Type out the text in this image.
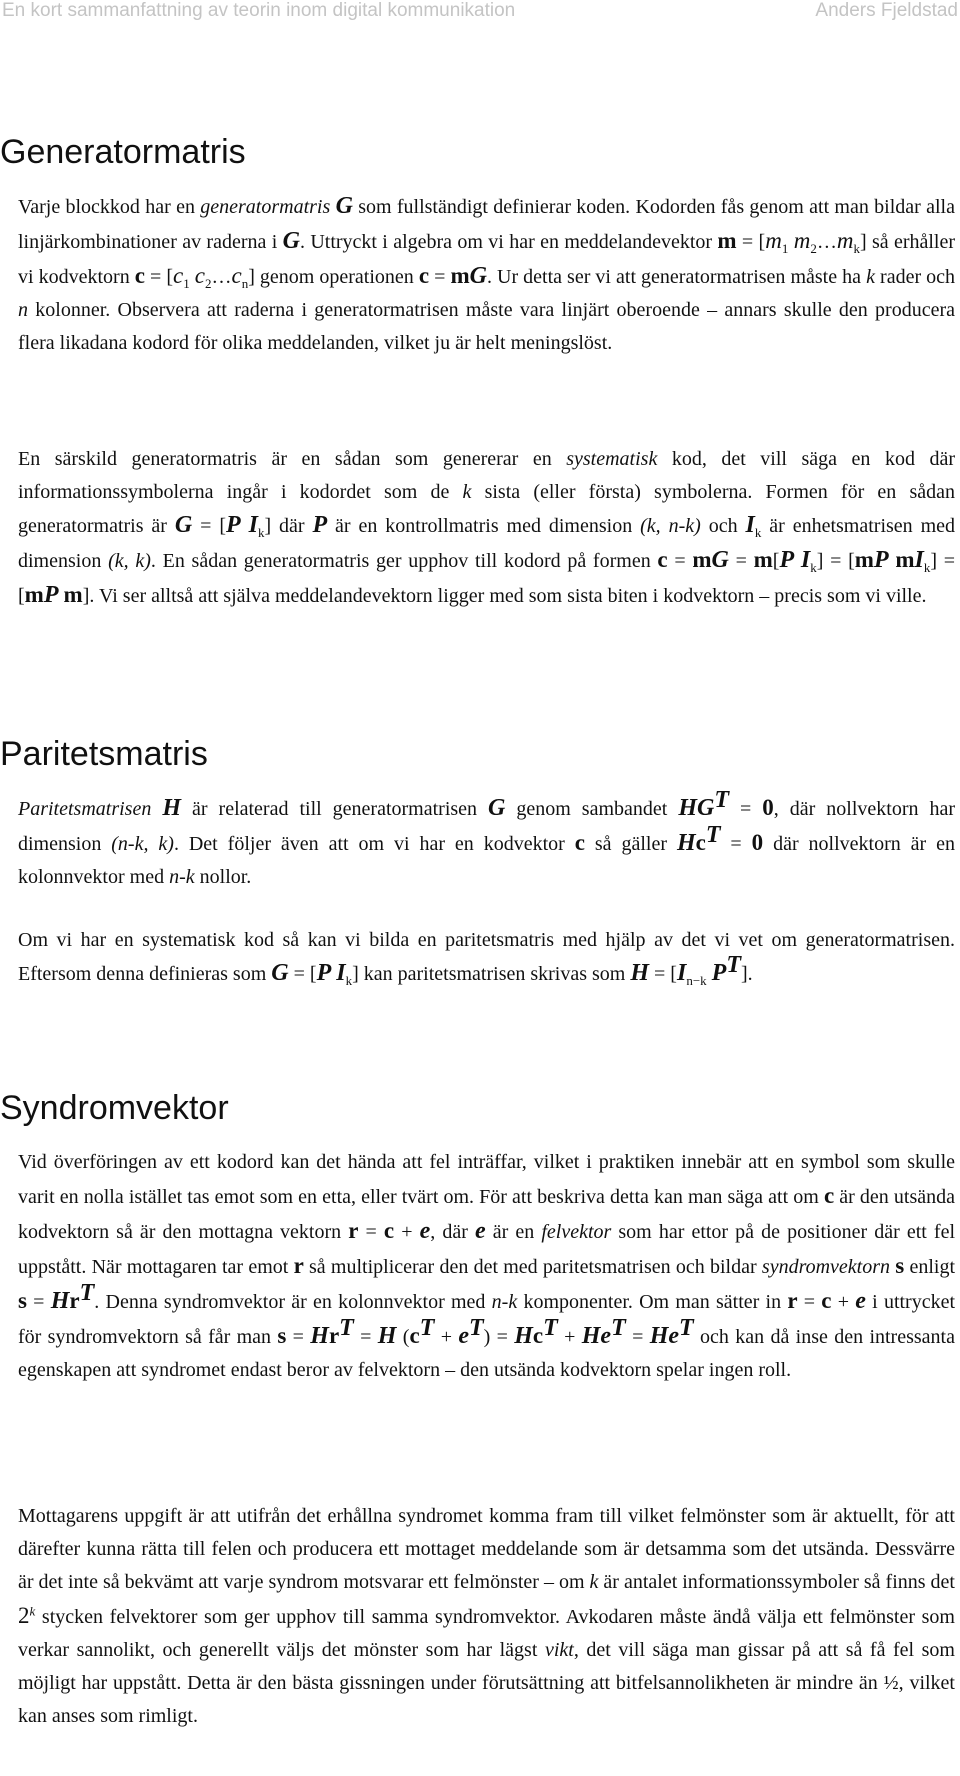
En kort sammanfattning av teorin inom digital kommunikation	Anders Fjeldstad
Generatormatris

Varje blockkod har en generatormatris G som fullständigt definierar koden. Kodorden fås genom att man bildar alla linjärkombinationer av raderna i G. Uttryckt i algebra om vi har en meddelandevektor $m = [m_1$ $m_2\dots m_k$] så erhåller vi kodvektorn $c = [c_1$ $c_2\dots c_n$] genom operationen c = mG. Ur detta ser vi att generatormatrisen måste ha k rader och n kolonner. Observera att raderna i generatormatrisen måste vara linjärt oberoende – annars skulle den producera flera likadana kodord för olika meddelanden, vilket ju är helt meningslöst.

En särskild generatormatris är en sådan som genererar en systematisk kod, det vill säga en kod där informationssymbolerna ingår i kodordet som de k sista (eller första) symbolerna. Formen för en sådan generatormatris är G = [P $I_k$] där P är en kontrollmatris med dimension (k, n-k) och $I_k$ är enhetsmatrisen med dimension (k, k). En sådan generatormatris ger upphov till kodord på formen c = mG = m[P $I_k] = [mP$ $mI_k] = [mP$ m]. Vi ser alltså att själva meddelandevektorn ligger med som sista biten i kodvektorn – precis som vi ville.

Paritetsmatris

Paritetsmatrisen H är relaterad till generatormatrisen G genom sambandet $HG^T = 0$, där nollvektorn har dimension (n-k, k). Det följer även att om vi har en kodvektor c så gäller $Hc^T = 0$ där nollvektorn är en kolonnvektor med n-k nollor.

Om vi har en systematisk kod så kan vi bilda en paritetsmatris med hjälp av det vi vet om generatormatrisen. Eftersom denna definieras som G = [P $I_k$] kan paritetsmatrisen skrivas som $H = [I_{n-k}$ $P^T$].

Syndromvektor

Vid överföringen av ett kodord kan det hända att fel inträffar, vilket i praktiken innebär att en symbol som skulle varit en nolla istället tas emot som en etta, eller tvärt om. För att beskriva detta kan man säga att om c är den utsända kodvektorn så är den mottagna vektorn r = c + e, där e är en felvektor som har ettor på de positioner där ett fel uppstått. När mottagaren tar emot r så multiplicerar den det med paritetsmatrisen och bildar syndromvektorn s enligt $s = Hr^T$. Denna syndromvektor är en kolonnvektor med n-k komponenter. Om man sätter in r = c + e i uttrycket för syndromvektorn så får man $s = Hr^T = H$ $(c^T + e^T) = Hc^T + He^T = He^T$ och kan då inse den intressanta egenskapen att syndromet endast beror av felvektorn – den utsända kodvektorn spelar ingen roll.

Mottagarens uppgift är att utifrån det erhållna syndromet komma fram till vilket felmönster som är aktuellt, för att därefter kunna rätta till felen och producera ett mottaget meddelande som är detsamma som det utsända. Dessvärre är det inte så bekvämt att varje syndrom motsvarar ett felmönster – om k är antalet informationssymboler så finns det 2$^k$ stycken felvektorer som ger upphov till samma syndromvektor. Avkodaren måste ändå välja ett felmönster som verkar sannolikt, och generellt väljs det mönster som har lägst vikt, det vill säga man gissar på att så få fel som möjligt har uppstått. Detta är den bästa gissningen under förutsättning att bitfelsannolikheten är mindre än ½, vilket kan anses som rimligt.
